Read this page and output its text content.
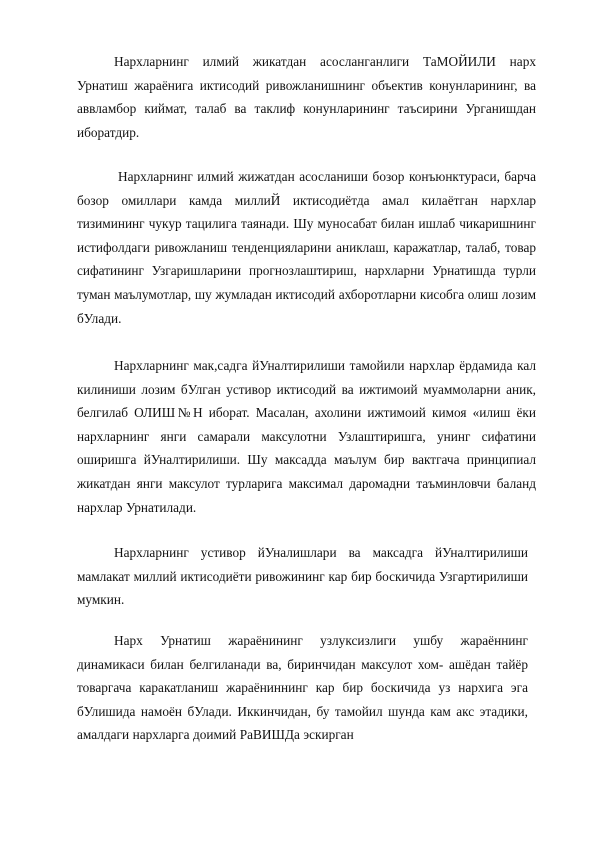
Нархларнинг илмий жикатдан асосланганлиги ТаМОЙИЛИ нарх Урнатиш жараёнига иктисодий ривожланишнинг объектив конунларининг, ва аввламбор киймат, талаб ва таклиф конунларининг таъсирини Урганишдан иборатдир.

Нархларнинг илмий жижатдан асосланиши бозор конъюнктураси, барча бозор омиллари камда миллиЙ иктисодиётда амал килаётган нархлар тизимининг чукур тацилига таянади. Шу муносабат билан ишлаб чикаришнинг истифолдаги ривожланиш тенденцияларини аниклаш, каражатлар, талаб, товар сифатининг Узгаришларини прогнозлаштириш, нархларни Урнатишда турли туман маълумотлар, шу жумладан иктисодий ахборотларни кисобга олиш лозим бУлади.

Нархларнинг мак,садга йУналтирилиши тамойили нархлар ёрдамида кал килиниши лозим бУлган устивор иктисодий ва ижтимоий муаммоларни аник, белгилаб ОЛИШ№Н иборат. Масалан, ахолини ижтимоий кимоя «илиш ёки нархларнинг янги самарали максулотни Узлаштиришга, унинг сифатини оширишга йУналтирилиши. Шу максадда маълум бир вактгача принципиал жикатдан янги максулот турларига максимал даромадни таъминловчи баланд нархлар Урнатилади.

Нархларнинг устивор йУналишлари ва максадга йУналтирилиши мамлакат миллий иктисодиёти ривожининг кар бир боскичида Узгартирилиши мумкин.

Нарх Урнатиш жараёнининг узлуксизлиги ушбу жараённинг динамикаси билан белгиланади ва, биринчидан максулот хом- ашёдан тайёр товаргача каракатланиш жараёниннинг кар бир боскичида уз нархига эга бУлишида намоён бУлади. Иккинчидан, бу тамойил шунда кам акс этадики, амалдаги нархларга доимий РаВИШДа эскирган
